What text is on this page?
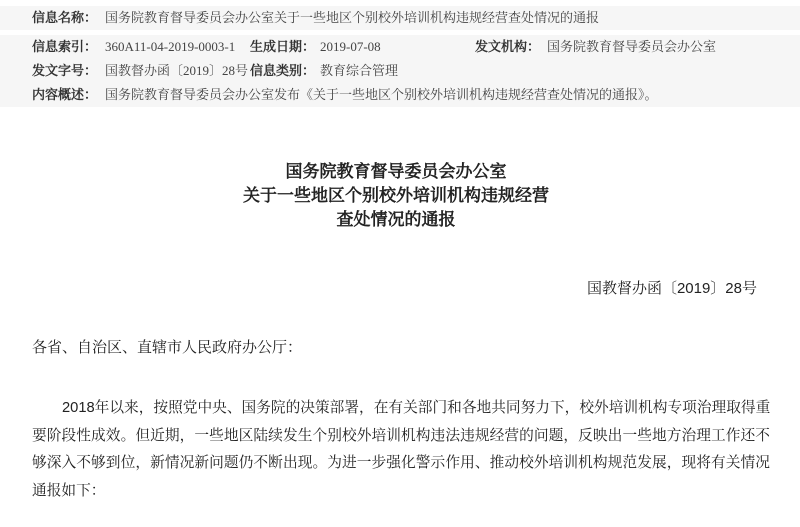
信息名称： 国务院教育督导委员会办公室关于一些地区个别校外培训机构违规经营查处情况的通报
信息索引： 360A11-04-2019-0003-1 生成日期： 2019-07-08	发文机构： 国务院教育督导委员会办公室
发文字号： 国教督办函〔2019〕28号 信息类别： 教育综合管理
内容概述： 国务院教育督导委员会办公室发布《关于一些地区个别校外培训机构违规经营查处情况的通报》。
国务院教育督导委员会办公室
关于一些地区个别校外培训机构违规经营
查处情况的通报
国教督办函〔2019〕28号
各省、自治区、直辖市人民政府办公厅：
2018年以来，按照党中央、国务院的决策部署，在有关部门和各地共同努力下，校外培训机构专项治理取得重
要阶段性成效。但近期，一些地区陆续发生个别校外培训机构违法违规经营的问题，反映出一些地方治理工作还不
够深入不够到位，新情况新问题仍不断出现。为进一步强化警示作用、推动校外培训机构规范发展，现将有关情况
通报如下：
